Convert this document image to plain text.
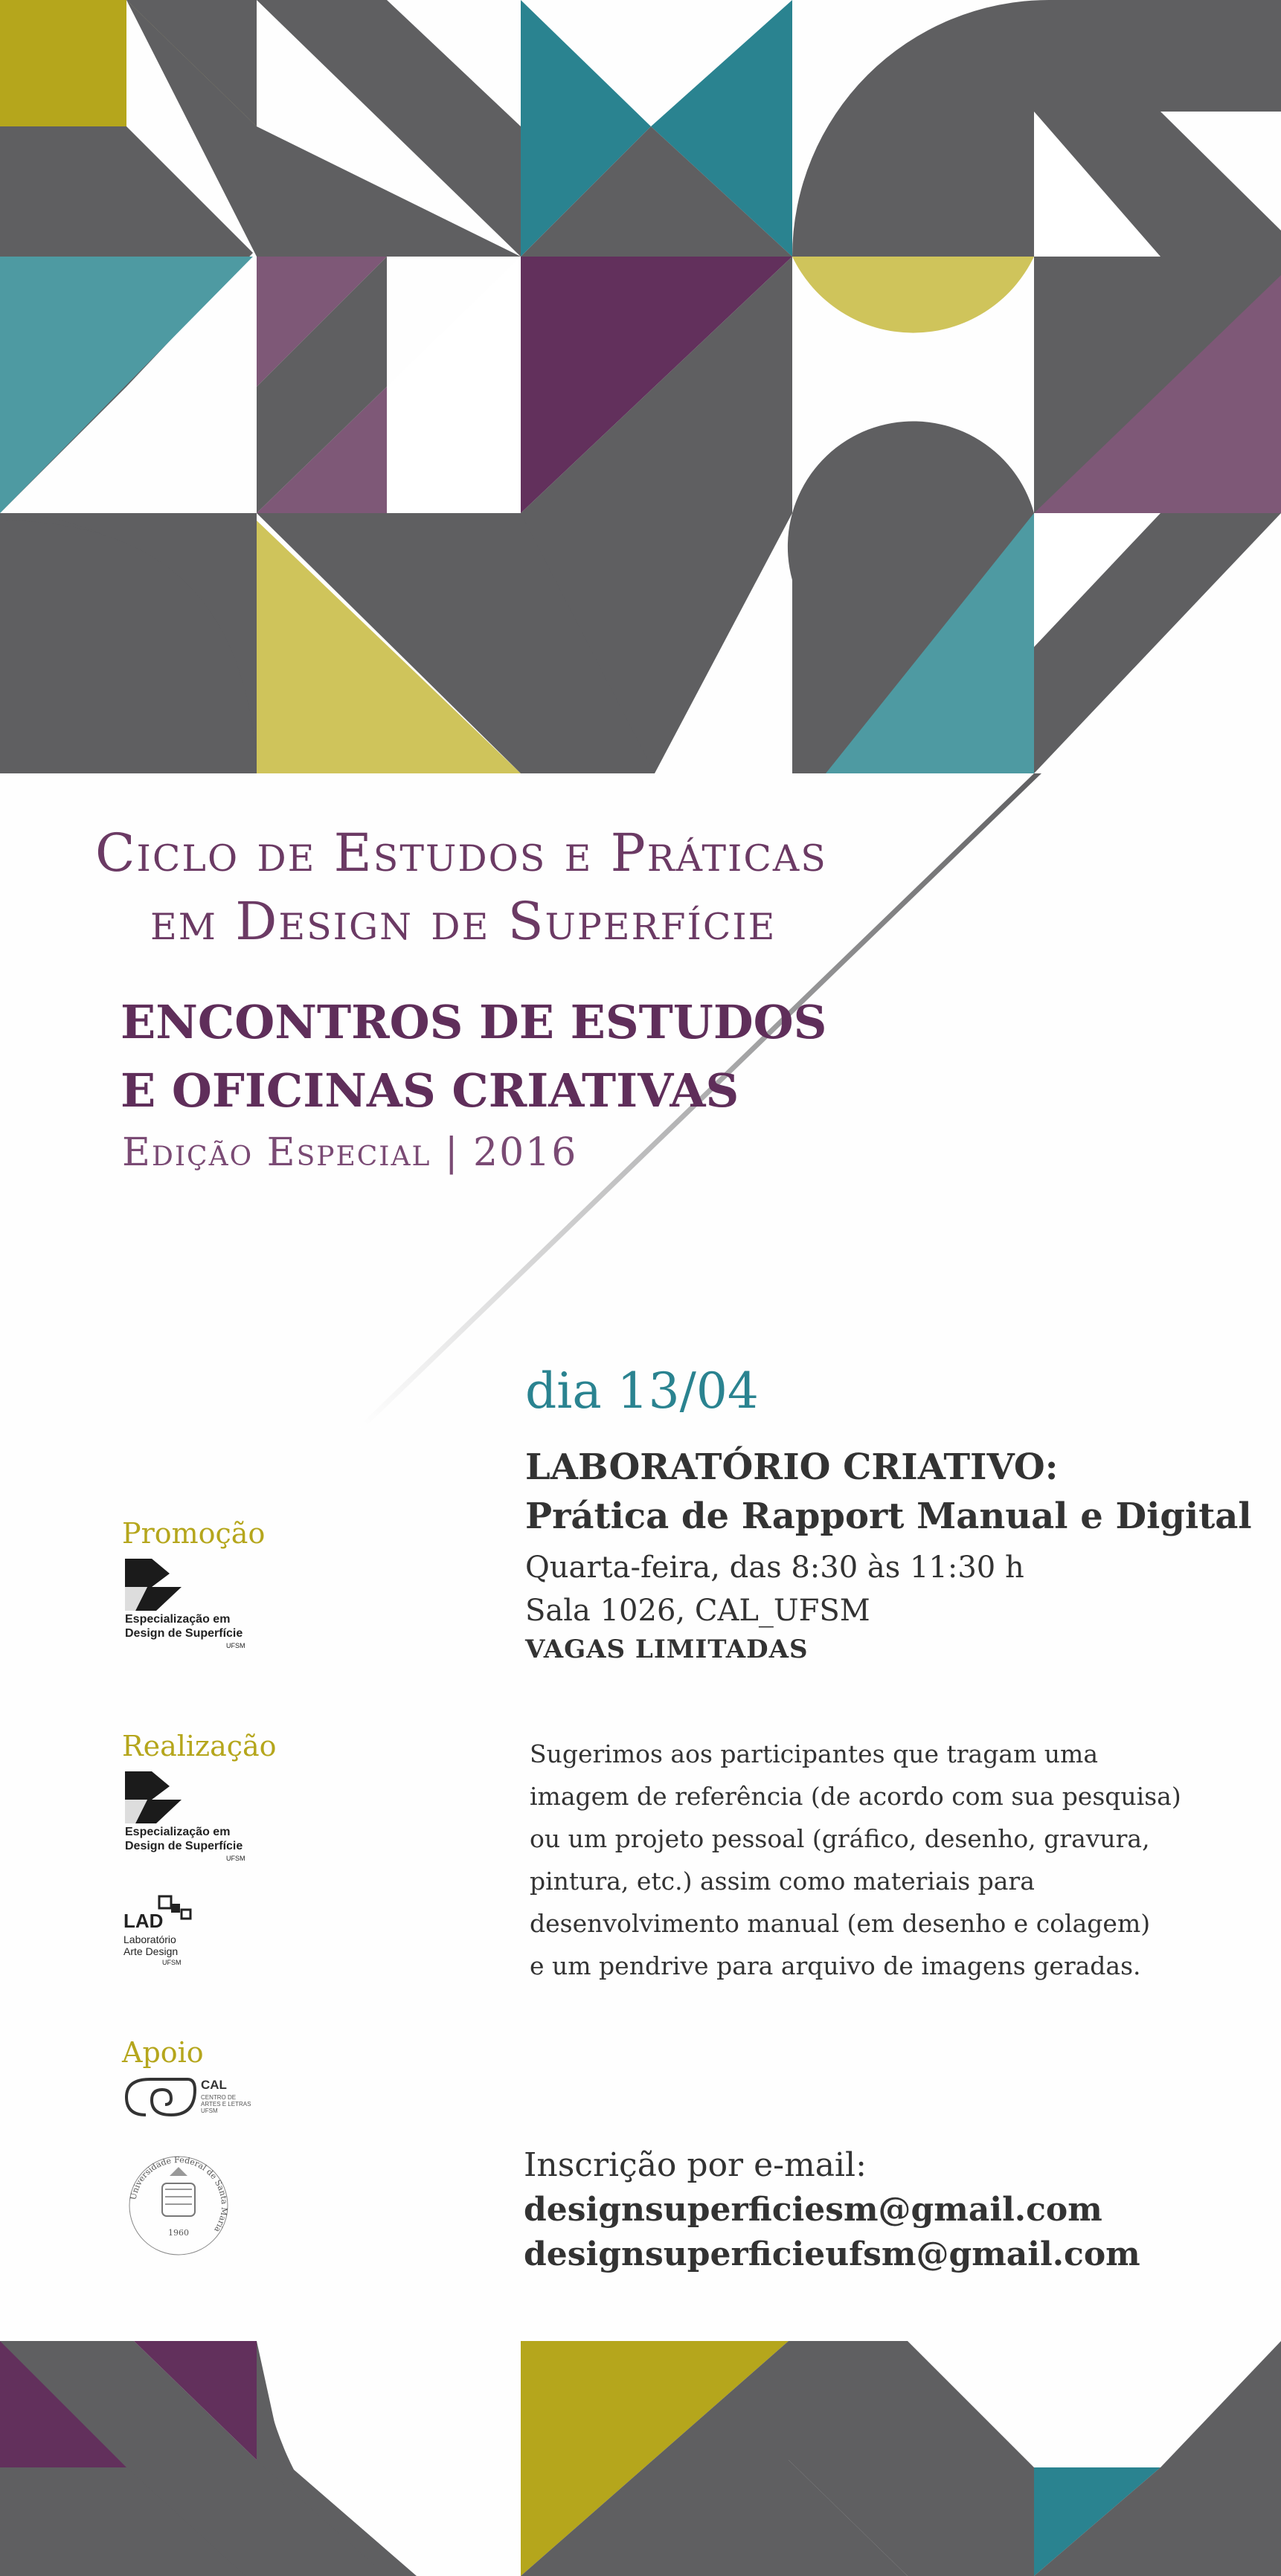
Ciclo de Estudos e Práticas
em Design de Superfície
ENCONTROS DE ESTUDOS
E OFICINAS CRIATIVAS
Edição Especial | 2016
dia 13/04
LABORATÓRIO CRIATIVO:
Prática de Rapport Manual e Digital
Quarta-feira, das 8:30 às 11:30 h
Sala 1026, CAL_UFSM
VAGAS LIMITADAS
Sugerimos aos participantes que tragam uma
imagem de referência (de acordo com sua pesquisa)
ou um projeto pessoal (gráfico, desenho, gravura,
pintura, etc.) assim como materiais para
desenvolvimento manual (em desenho e colagem)
e um pendrive para arquivo de imagens geradas.
Inscrição por e-mail:
designsuperficiesm@gmail.com
designsuperficieufsm@gmail.com
Promoção
Especialização em
Design de Superfície
UFSM
Realização
Especialização em
Design de Superfície
UFSM
LAD
Laboratório
Arte Design
UFSM
Apoio
CAL
CENTRO DE
ARTES E LETRAS
UFSM
Universidade Federal de Santa Maria
1960
